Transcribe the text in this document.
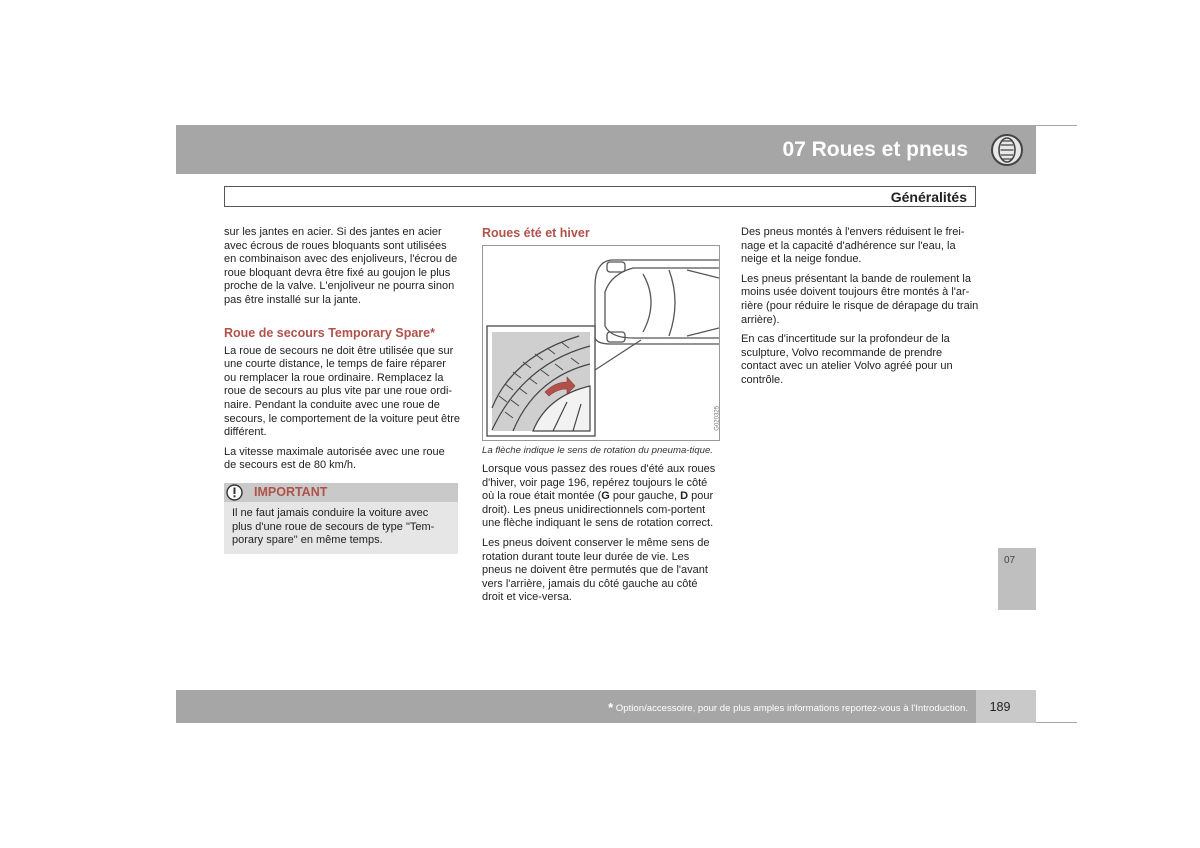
07 Roues et pneus
Généralités

sur les jantes en acier. Si des jantes en acier avec écrous de roues bloquants sont utilisées en combinaison avec des enjoliveurs, l'écrou de roue bloquant devra être fixé au goujon le plus proche de la valve. L'enjoliveur ne pourra sinon pas être installé sur la jante.

Roue de secours Temporary Spare*

La roue de secours ne doit être utilisée que sur une courte distance, le temps de faire réparer ou remplacer la roue ordinaire. Remplacez la roue de secours au plus vite par une roue ordi-naire. Pendant la conduite avec une roue de secours, le comportement de la voiture peut être différent.

La vitesse maximale autorisée avec une roue de secours est de 80 km/h.

IMPORTANT
Il ne faut jamais conduire la voiture avec plus d'une roue de secours de type "Tem-porary spare" en même temps.
Roues été et hiver
G020325
La flèche indique le sens de rotation du pneuma-tique.

Lorsque vous passez des roues d'été aux roues d'hiver, voir page 196, repérez toujours le côté où la roue était montée (G pour gauche, D pour droit). Les pneus unidirectionnels com-portent une flèche indiquant le sens de rotation correct.

Les pneus doivent conserver le même sens de rotation durant toute leur durée de vie. Les pneus ne doivent être permutés que de l'avant vers l'arrière, jamais du côté gauche au côté droit et vice-versa.

Des pneus montés à l'envers réduisent le frei-nage et la capacité d'adhérence sur l'eau, la neige et la neige fondue.

Les pneus présentant la bande de roulement la moins usée doivent toujours être montés à l'ar-rière (pour réduire le risque de dérapage du train arrière).

En cas d'incertitude sur la profondeur de la sculpture, Volvo recommande de prendre contact avec un atelier Volvo agréé pour un contrôle.

07
* Option/accessoire, pour de plus amples informations reportez-vous à l'Introduction.	189
